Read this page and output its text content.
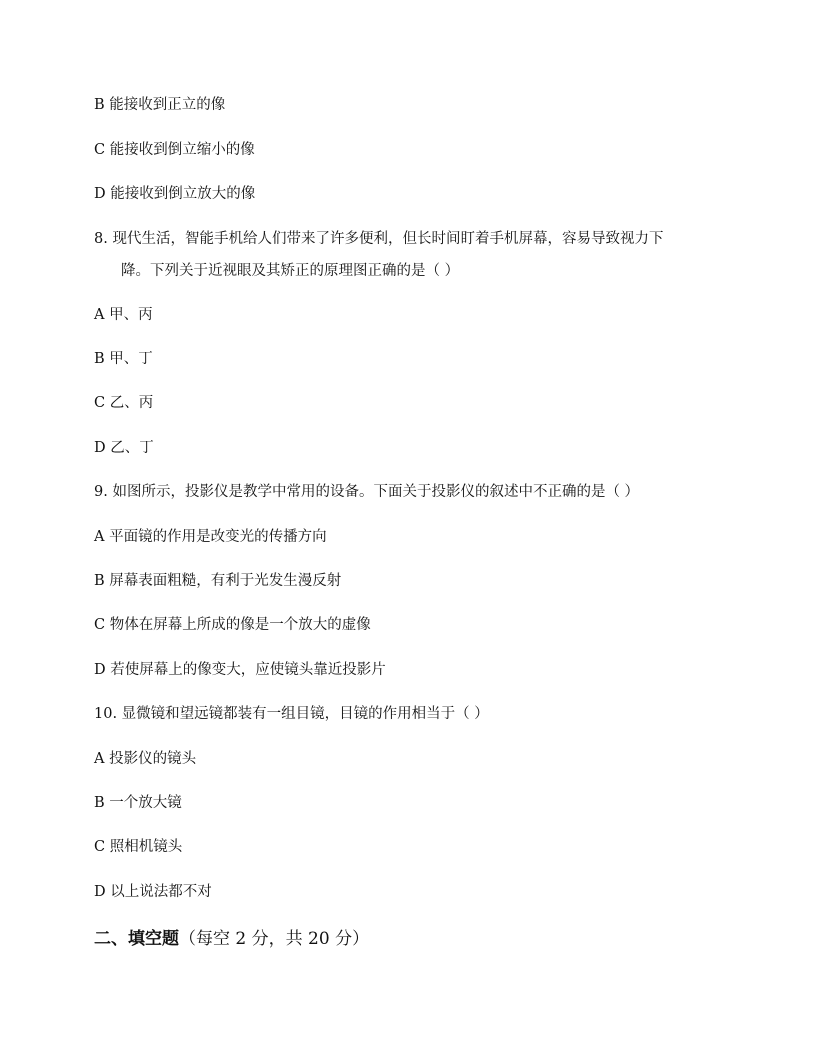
B 能接收到正立的像
C 能接收到倒立缩小的像
D 能接收到倒立放大的像
8. 现代生活，智能手机给人们带来了许多便利，但长时间盯着手机屏幕，容易导致视力下
降。下列关于近视眼及其矫正的原理图正确的是（ ）
A 甲、丙
B 甲、丁
C 乙、丙
D 乙、丁
9. 如图所示，投影仪是教学中常用的设备。下面关于投影仪的叙述中不正确的是（ ）
A 平面镜的作用是改变光的传播方向
B 屏幕表面粗糙，有利于光发生漫反射
C 物体在屏幕上所成的像是一个放大的虚像
D 若使屏幕上的像变大，应使镜头靠近投影片
10. 显微镜和望远镜都装有一组目镜，目镜的作用相当于（ ）
A 投影仪的镜头
B 一个放大镜
C 照相机镜头
D 以上说法都不对
二、填空题（每空 2 分，共 20 分）
